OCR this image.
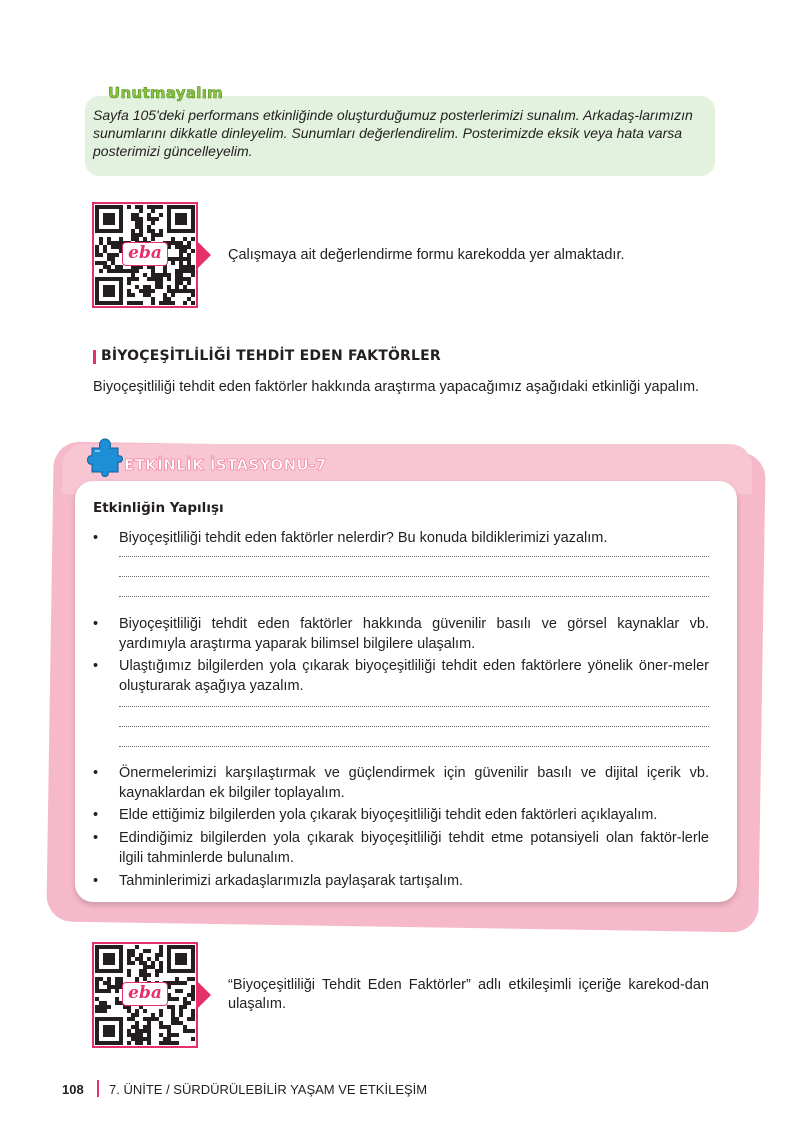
Unutmayalım
Sayfa 105'deki performans etkinliğinde oluşturduğumuz posterlerimizi sunalım. Arkadaş-larımızın sunumlarını dikkatle dinleyelim. Sunumları değerlendirelim. Posterimizde eksik veya hata varsa posterimizi güncelleyelim.
eba	Çalışmaya ait değerlendirme formu karekodda yer almaktadır.
BİYOÇEŞİTLİLİĞİ TEHDİT EDEN FAKTÖRLER
Biyoçeşitliliği tehdit eden faktörler hakkında araştırma yapacağımız aşağıdaki etkinliği yapalım.
ETKİNLİK İSTASYONU-7
Etkinliğin Yapılışı
• Biyoçeşitliliği tehdit eden faktörler nelerdir? Bu konuda bildiklerimizi yazalım.
• Biyoçeşitliliği tehdit eden faktörler hakkında güvenilir basılı ve görsel kaynaklar vb. yardımıyla araştırma yaparak bilimsel bilgilere ulaşalım.
• Ulaştığımız bilgilerden yola çıkarak biyoçeşitliliği tehdit eden faktörlere yönelik öner-meler oluşturarak aşağıya yazalım.
• Önermelerimizi karşılaştırmak ve güçlendirmek için güvenilir basılı ve dijital içerik vb. kaynaklardan ek bilgiler toplayalım.
• Elde ettiğimiz bilgilerden yola çıkarak biyoçeşitliliği tehdit eden faktörleri açıklayalım.
• Edindiğimiz bilgilerden yola çıkarak biyoçeşitliliği tehdit etme potansiyeli olan faktör-lerle ilgili tahminlerde bulunalım.
• Tahminlerimizi arkadaşlarımızla paylaşarak tartışalım.
eba	“Biyoçeşitliliği Tehdit Eden Faktörler” adlı etkileşimli içeriğe karekod-dan ulaşalım.
108 7. ÜNİTE / SÜRDÜRÜLEBİLİR YAŞAM VE ETKİLEŞİM
